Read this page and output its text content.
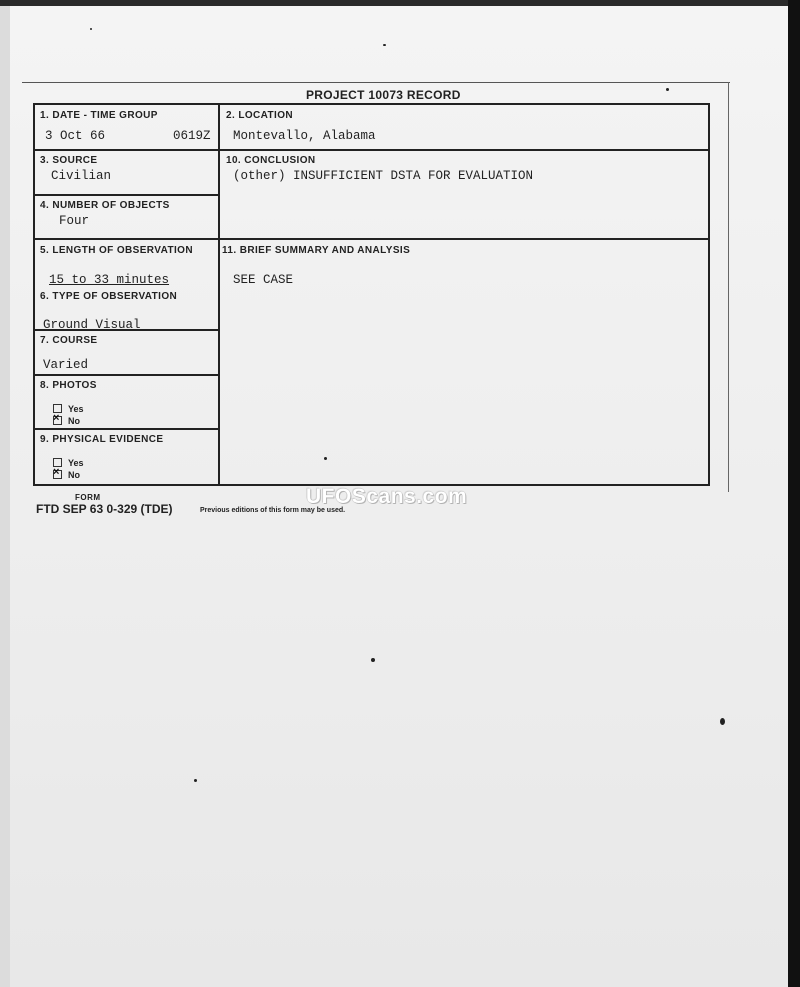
PROJECT 10073 RECORD
1. DATE - TIME GROUP
3 Oct 66	0619Z
2. LOCATION
Montevallo, Alabama
3. SOURCE
Civilian
10. CONCLUSION
(other) INSUFFICIENT DSTA FOR EVALUATION
4. NUMBER OF OBJECTS
Four
5. LENGTH OF OBSERVATION
15 to 33 minutes
11. BRIEF SUMMARY AND ANALYSIS
SEE CASE
6. TYPE OF OBSERVATION
Ground Visual
7. COURSE
Varied
8. PHOTOS
Yes
×No
9. PHYSICAL EVIDENCE
Yes
×No
FORM
FTD SEP 63 0-329 (TDE)	Previous editions of this form may be used.
UFOScans.com
